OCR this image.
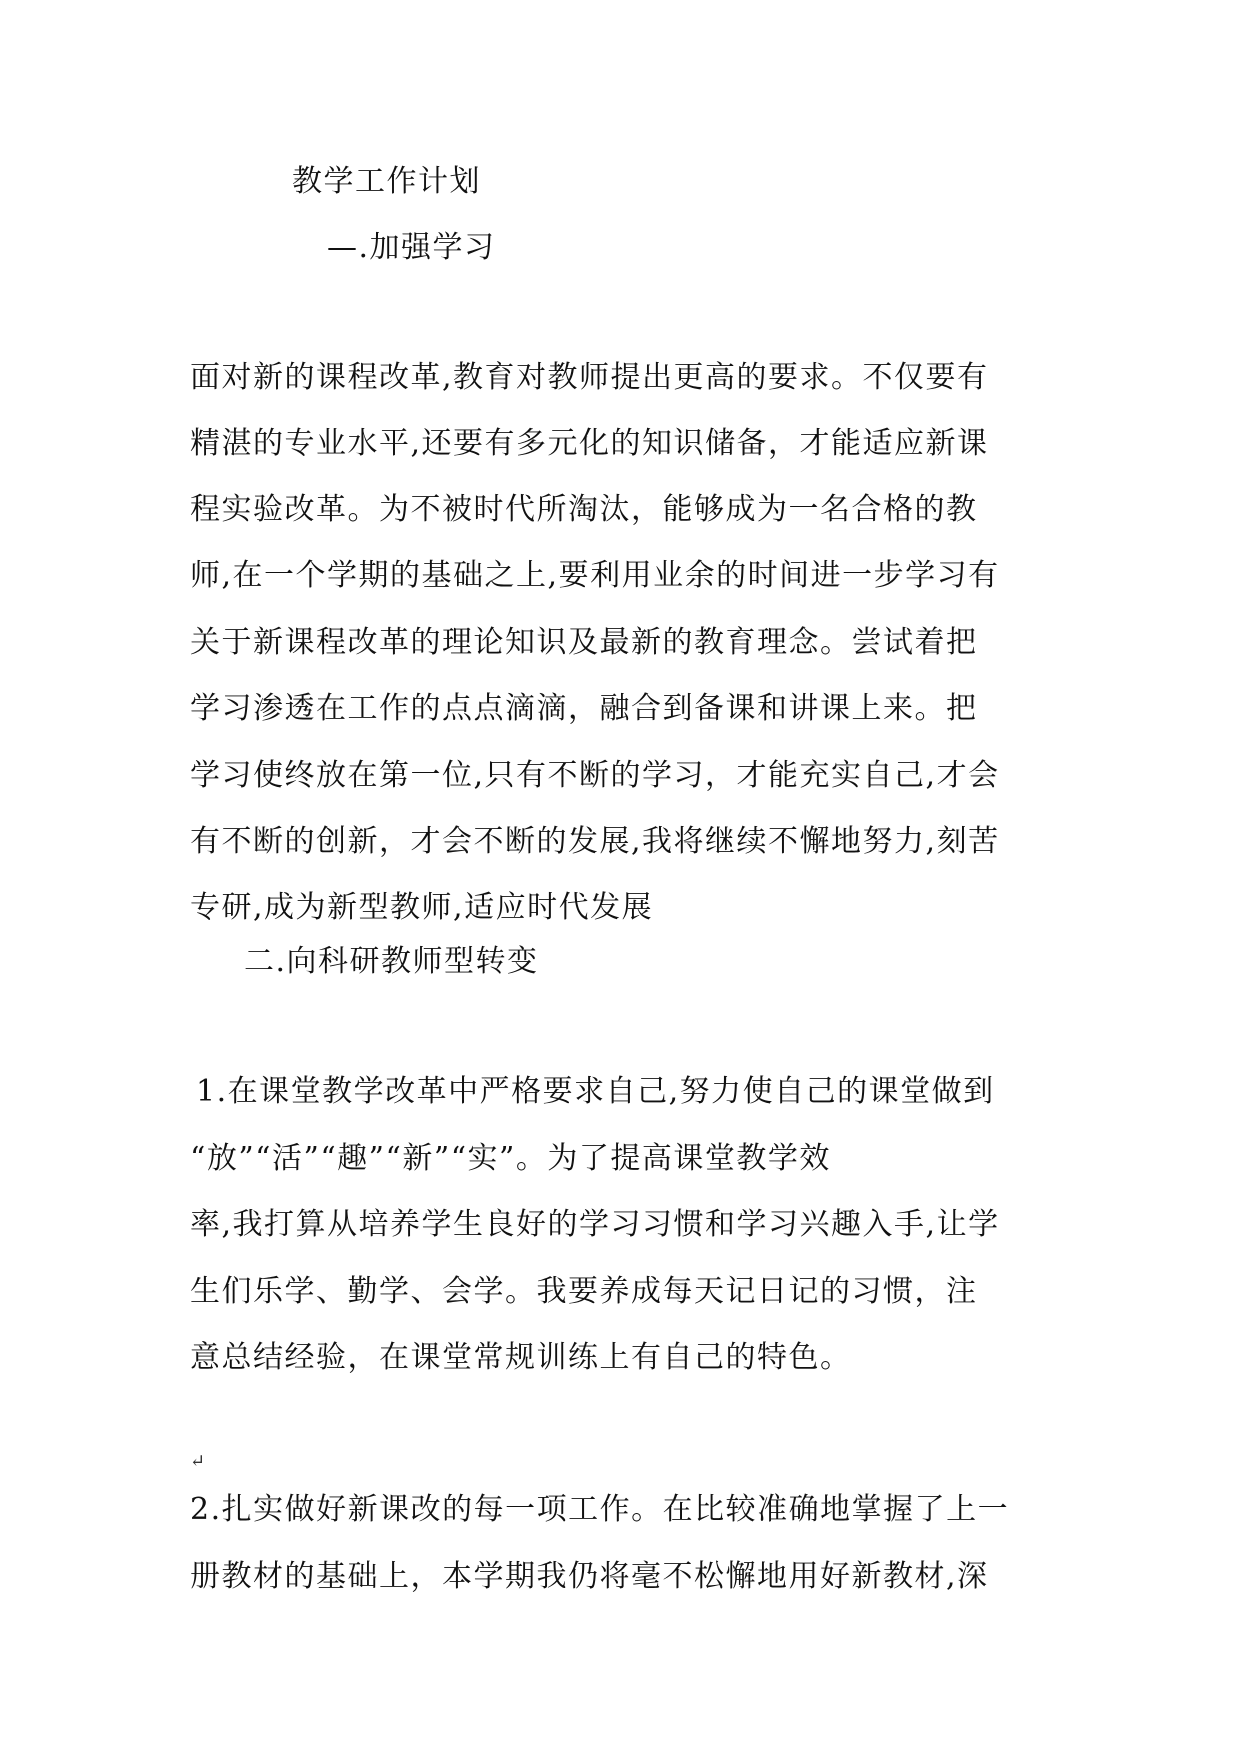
教学工作计划

—.加强学习

面对新的课程改革,教育对教师提出更高的要求。不仅要有

精湛的专业水平,还要有多元化的知识储备，才能适应新课

程实验改革。为不被时代所淘汰，能够成为一名合格的教

师,在一个学期的基础之上,要利用业余的时间进一步学习有

关于新课程改革的理论知识及最新的教育理念。尝试着把

学习渗透在工作的点点滴滴，融合到备课和讲课上来。把

学习使终放在第一位,只有不断的学习，才能充实自己,才会

有不断的创新，才会不断的发展,我将继续不懈地努力,刻苦

专研,成为新型教师,适应时代发展

二.向科研教师型转变

1.在课堂教学改革中严格要求自己,努力使自己的课堂做到

“放”“活”“趣”“新”“实”。为了提高课堂教学效

率,我打算从培养学生良好的学习习惯和学习兴趣入手,让学

生们乐学、勤学、会学。我要养成每天记日记的习惯，注

意总结经验，在课堂常规训练上有自己的特色。

↵

2.扎实做好新课改的每一项工作。在比较准确地掌握了上一

册教材的基础上，本学期我仍将毫不松懈地用好新教材,深
